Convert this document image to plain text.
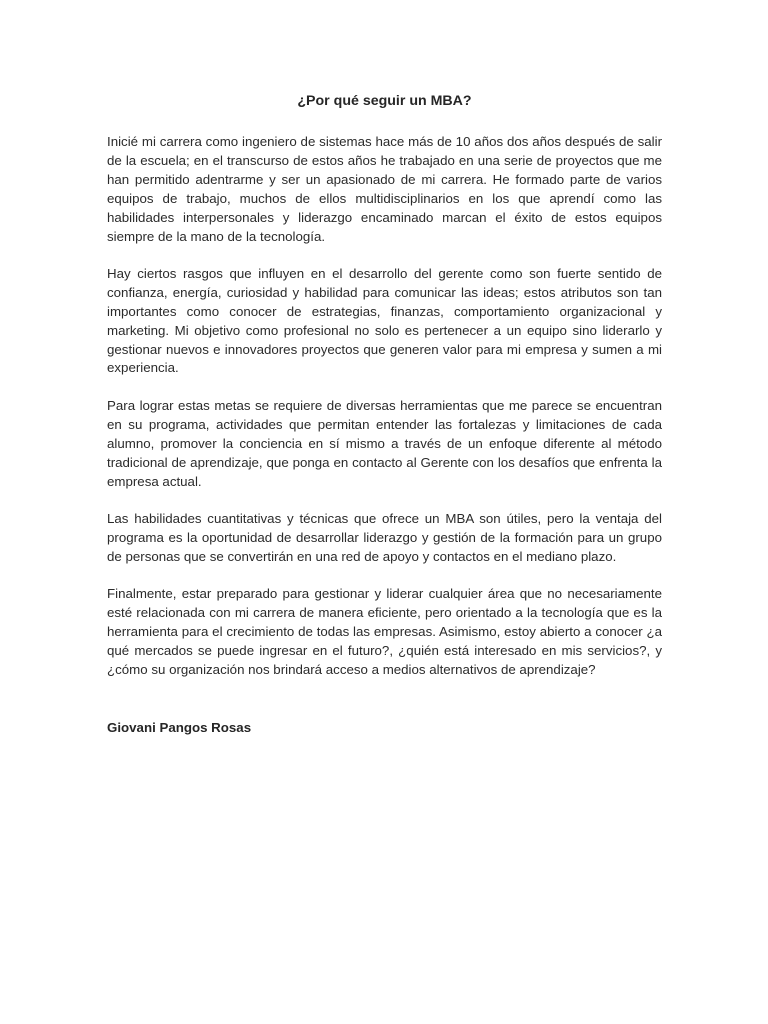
¿Por qué seguir un MBA?

Inicié mi carrera como ingeniero de sistemas hace más de 10 años dos años después de salir de la escuela; en el transcurso de estos años he trabajado en una serie de proyectos que me han permitido adentrarme y ser un apasionado de mi carrera. He formado parte de varios equipos de trabajo, muchos de ellos multidisciplinarios en los que aprendí como las habilidades interpersonales y liderazgo encaminado marcan el éxito de estos equipos siempre de la mano de la tecnología.

Hay ciertos rasgos que influyen en el desarrollo del gerente como son fuerte sentido de confianza, energía, curiosidad y habilidad para comunicar las ideas; estos atributos son tan importantes como conocer de estrategias, finanzas, comportamiento organizacional y marketing. Mi objetivo como profesional no solo es pertenecer a un equipo sino liderarlo y gestionar nuevos e innovadores proyectos que generen valor para mi empresa y sumen a mi experiencia.

Para lograr estas metas se requiere de diversas herramientas que me parece se encuentran en su programa, actividades que permitan entender las fortalezas y limitaciones de cada alumno, promover la conciencia en sí mismo a través de un enfoque diferente al método tradicional de aprendizaje, que ponga en contacto al Gerente con los desafíos que enfrenta la empresa actual.

Las habilidades cuantitativas y técnicas que ofrece un MBA son útiles, pero la ventaja del programa es la oportunidad de desarrollar liderazgo y gestión de la formación para un grupo de personas que se convertirán en una red de apoyo y contactos en el mediano plazo.

Finalmente, estar preparado para gestionar y liderar cualquier área que no necesariamente esté relacionada con mi carrera de manera eficiente, pero orientado a la tecnología que es la herramienta para el crecimiento de todas las empresas. Asimismo, estoy abierto a conocer ¿a qué mercados se puede ingresar en el futuro?, ¿quién está interesado en mis servicios?, y ¿cómo su organización nos brindará acceso a medios alternativos de aprendizaje?

Giovani Pangos Rosas
